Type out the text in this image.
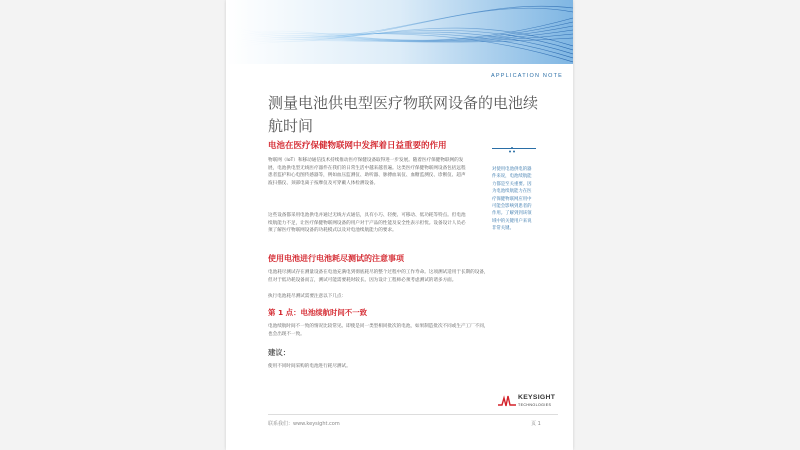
APPLICATION NOTE
测量电池供电型医疗物联网设备的电池续航时间
电池在医疗保健物联网中发挥着日益重要的作用

物联网（IoT）和移动通信技术持续推动医疗保健设备取得进一步发展。随着医疗保健物联网的发展，电池供电型无线医疗器件在我们的日常生活中越来越普遍。这类医疗保健物联网设备包括远程患者监护和心电图传感器等，例如血压监测仪、助听器、脉搏血氧仪、血糖监测仪、诊断仪、超声波扫描仪、颈部电离子按摩仪及可穿戴人体检测设备。

这些设备都采用电池供电并通过无线方式通信，具有小巧、轻便、可移动、低功耗等特点。但电池续航能力不足，让医疗保健物联网设备的用户对于产品的性能及安全性表示担忧。设备设计人员必须了解医疗物联网设备的功耗模式以及对电池续航能力的要求。

对使用电池供电的器件来说，电池续航能力都是至关重要。因为电池续航能力在医疗保健物联网应用中可能会影响到患者的作用。了解到到该领域中的关键用户来说非常关键。

使用电池进行电池耗尽测试的注意事项

电池耗尽测试存在测量设备在电池充满电到彻底耗尽的整个过程中的工作寿命。这项测试适用于长期的设备，但对于低功耗设备而言，测试可能需要耗时较长。因为设计工程师必须考虑测试的诸多方面。

执行电池耗尽测试需要注意以下几点：

第 1 点：电池续航时间不一致

电池续航时间不一致的情况比较常见。即使是同一类型相同批次的电池，如果制造批次不同或生产工厂不同，也会出现不一致。

建议：

使用不同时间采购的电池进行耗尽测试。

KEYSIGHT
TECHNOLOGIES
联系我们：www.keysight.com	页 1
